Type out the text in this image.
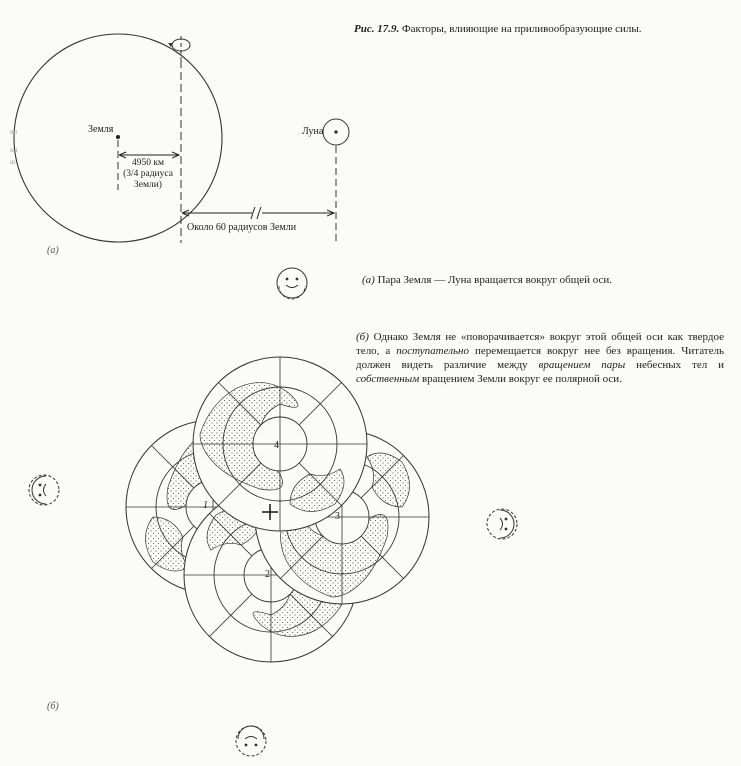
Рис. 17.9. Факторы, влияющие на приливообразующие силы.
Земля	Луна
4950 км
(3/4 радиуса
Земли)
Около 60 радиусов Земли
(а)
(б)
(а) Пара Земля — Луна вращается вокруг общей оси.
(б) Однако Земля не «поворачивается» вокруг этой общей оси как твердое тело, а поступательно перемещается вокруг нее без вращения. Читатель должен видеть различие между вращением пары небесных тел и собственным вращением Земли вокруг ее полярной оси.
1
2
3
4
ян
ил
ш
